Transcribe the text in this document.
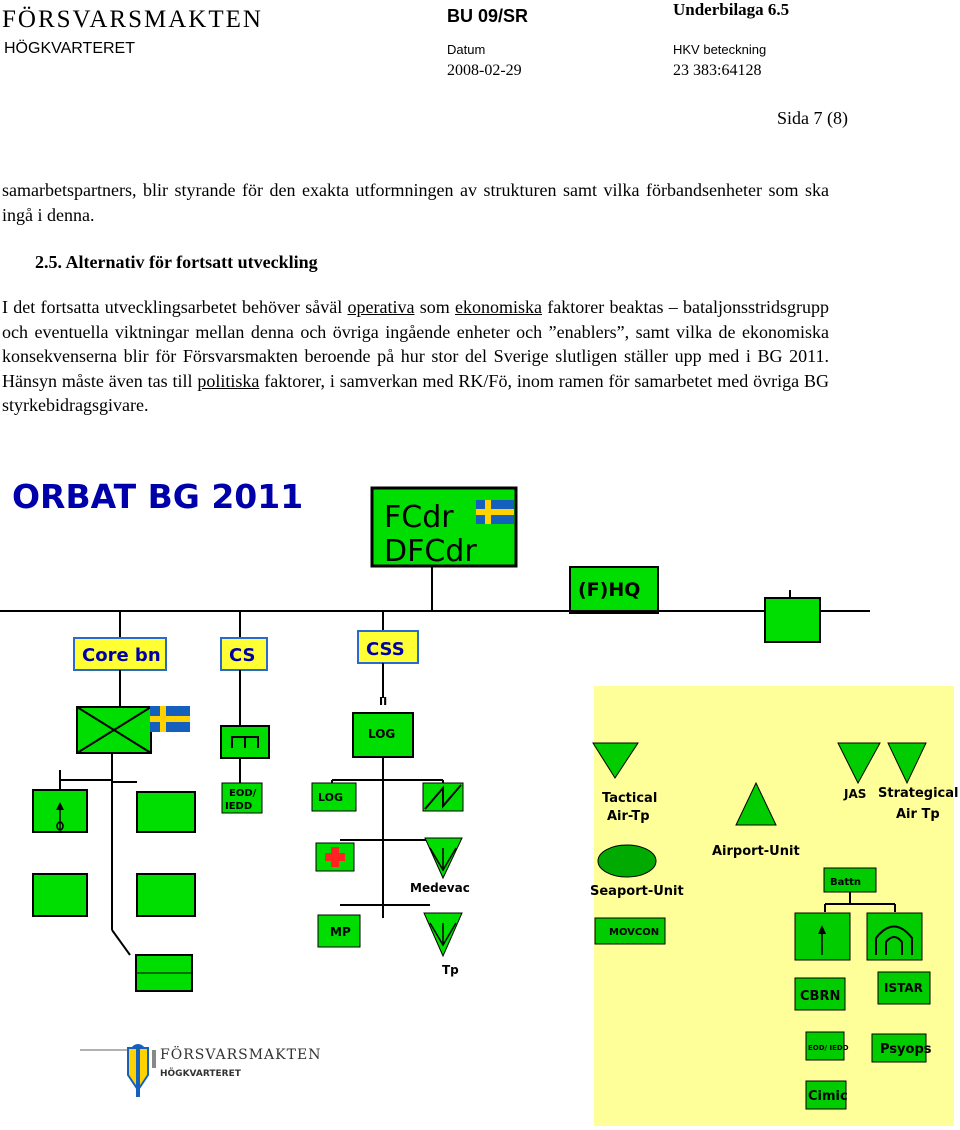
FÖRSVARSMAKTEN
HÖGKVARTERET
BU 09/SR
Datum
2008-02-29
Underbilaga 6.5
HKV beteckning
23 383:64128
Sida 7 (8)
samarbetspartners, blir styrande för den exakta utformningen av strukturen samt vilka förbandsenheter som ska ingå i denna.
2.5. Alternativ för fortsatt utveckling
I det fortsatta utvecklingsarbetet behöver såväl operativa som ekonomiska faktorer beaktas – bataljonsstridsgrupp och eventuella viktningar mellan denna och övriga ingående enheter och ”enablers”, samt vilka de ekonomiska konsekvenserna blir för Försvarsmakten beroende på hur stor del Sverige slutligen ställer upp med i BG 2011. Hänsyn måste även tas till politiska faktorer, i samverkan med RK/Fö, inom ramen för samarbetet med övriga BG styrkebidragsgivare.
ORBAT BG 2011
FCdr
DFCdr
(F)HQ
Core bn	CS	CSS
EOD/
IEDD
II
LOG
LOG
Medevac
MP
Tp
FÖRSVARSMAKTEN
HÖGKVARTERET
Tactical
Air-Tp
JAS Strategical
Air Tp
Airport-Unit
Seaport-Unit
MOVCON
Battn
CBRN
ISTAR
EOD/ IEDD Psyops
Cimic
